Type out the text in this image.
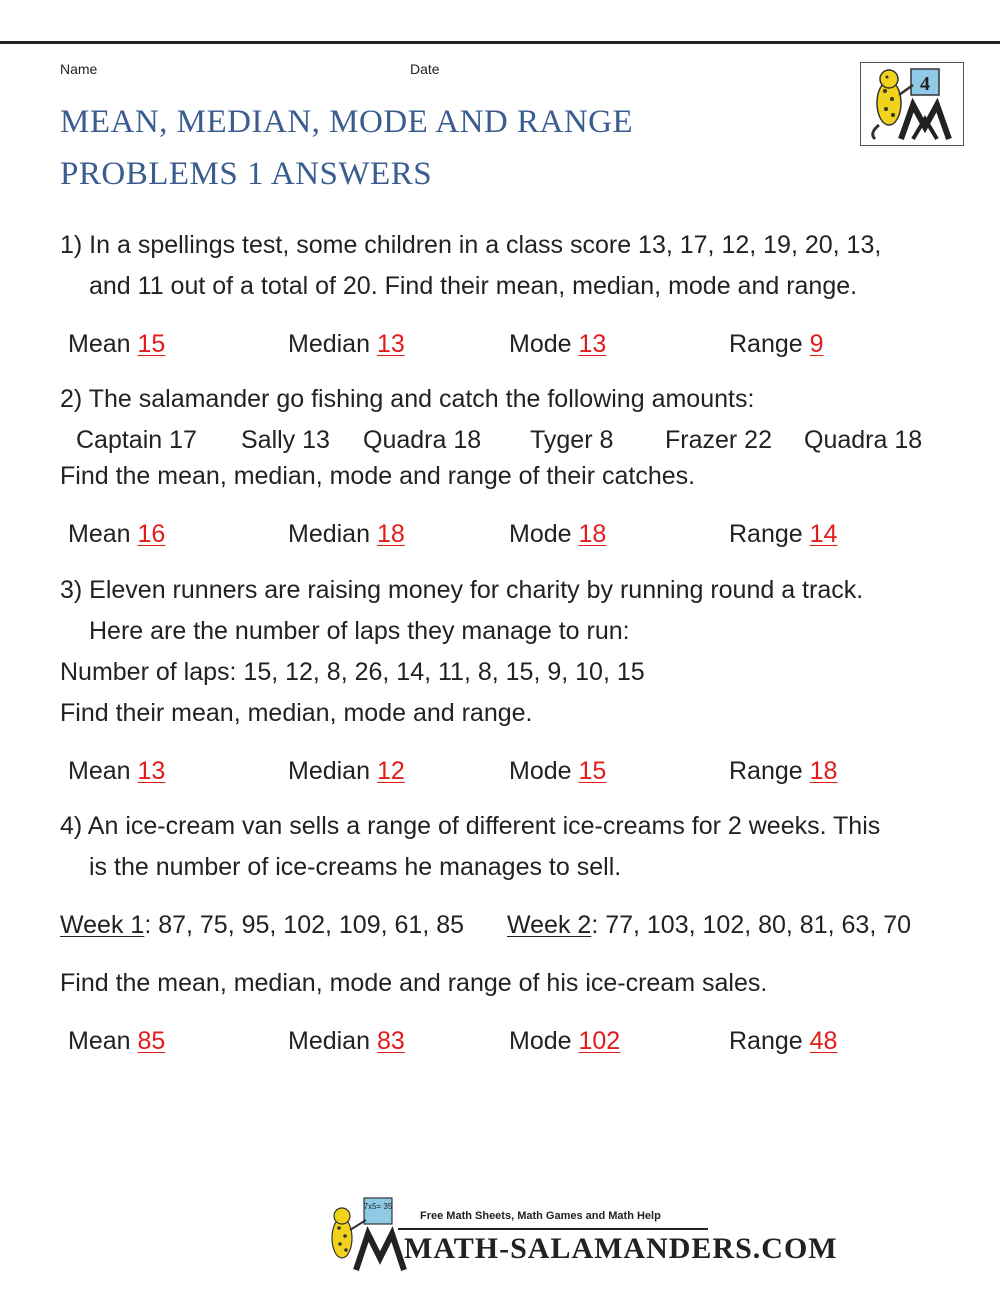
Name	Date
4
MEAN, MEDIAN, MODE AND RANGE
PROBLEMS 1 ANSWERS
1) In a spellings test, some children in a class score 13, 17, 12, 19, 20, 13,
and 11 out of a total of 20. Find their mean, median, mode and range.
Mean 15	Median 13	Mode 13	Range 9
2) The salamander go fishing and catch the following amounts:
Captain 17 Sally 13 Quadra 18 Tyger 8 Frazer 22 Quadra 18
Find the mean, median, mode and range of their catches.
Mean 16	Median 18	Mode 18	Range 14
3) Eleven runners are raising money for charity by running round a track.
Here are the number of laps they manage to run:
Number of laps: 15, 12, 8, 26, 14, 11, 8, 15, 9, 10, 15
Find their mean, median, mode and range.
Mean 13	Median 12	Mode 15	Range 18
4) An ice-cream van sells a range of different ice-creams for 2 weeks. This
is the number of ice-creams he manages to sell.
Week 1: 87, 75, 95, 102, 109, 61, 85 Week 2: 77, 103, 102, 80, 81, 63, 70
Find the mean, median, mode and range of his ice-cream sales.
Mean 85	Median 83	Mode 102	Range 48
7x5= 35
Free Math Sheets, Math Games and Math Help
MATH-SALAMANDERS.COM
